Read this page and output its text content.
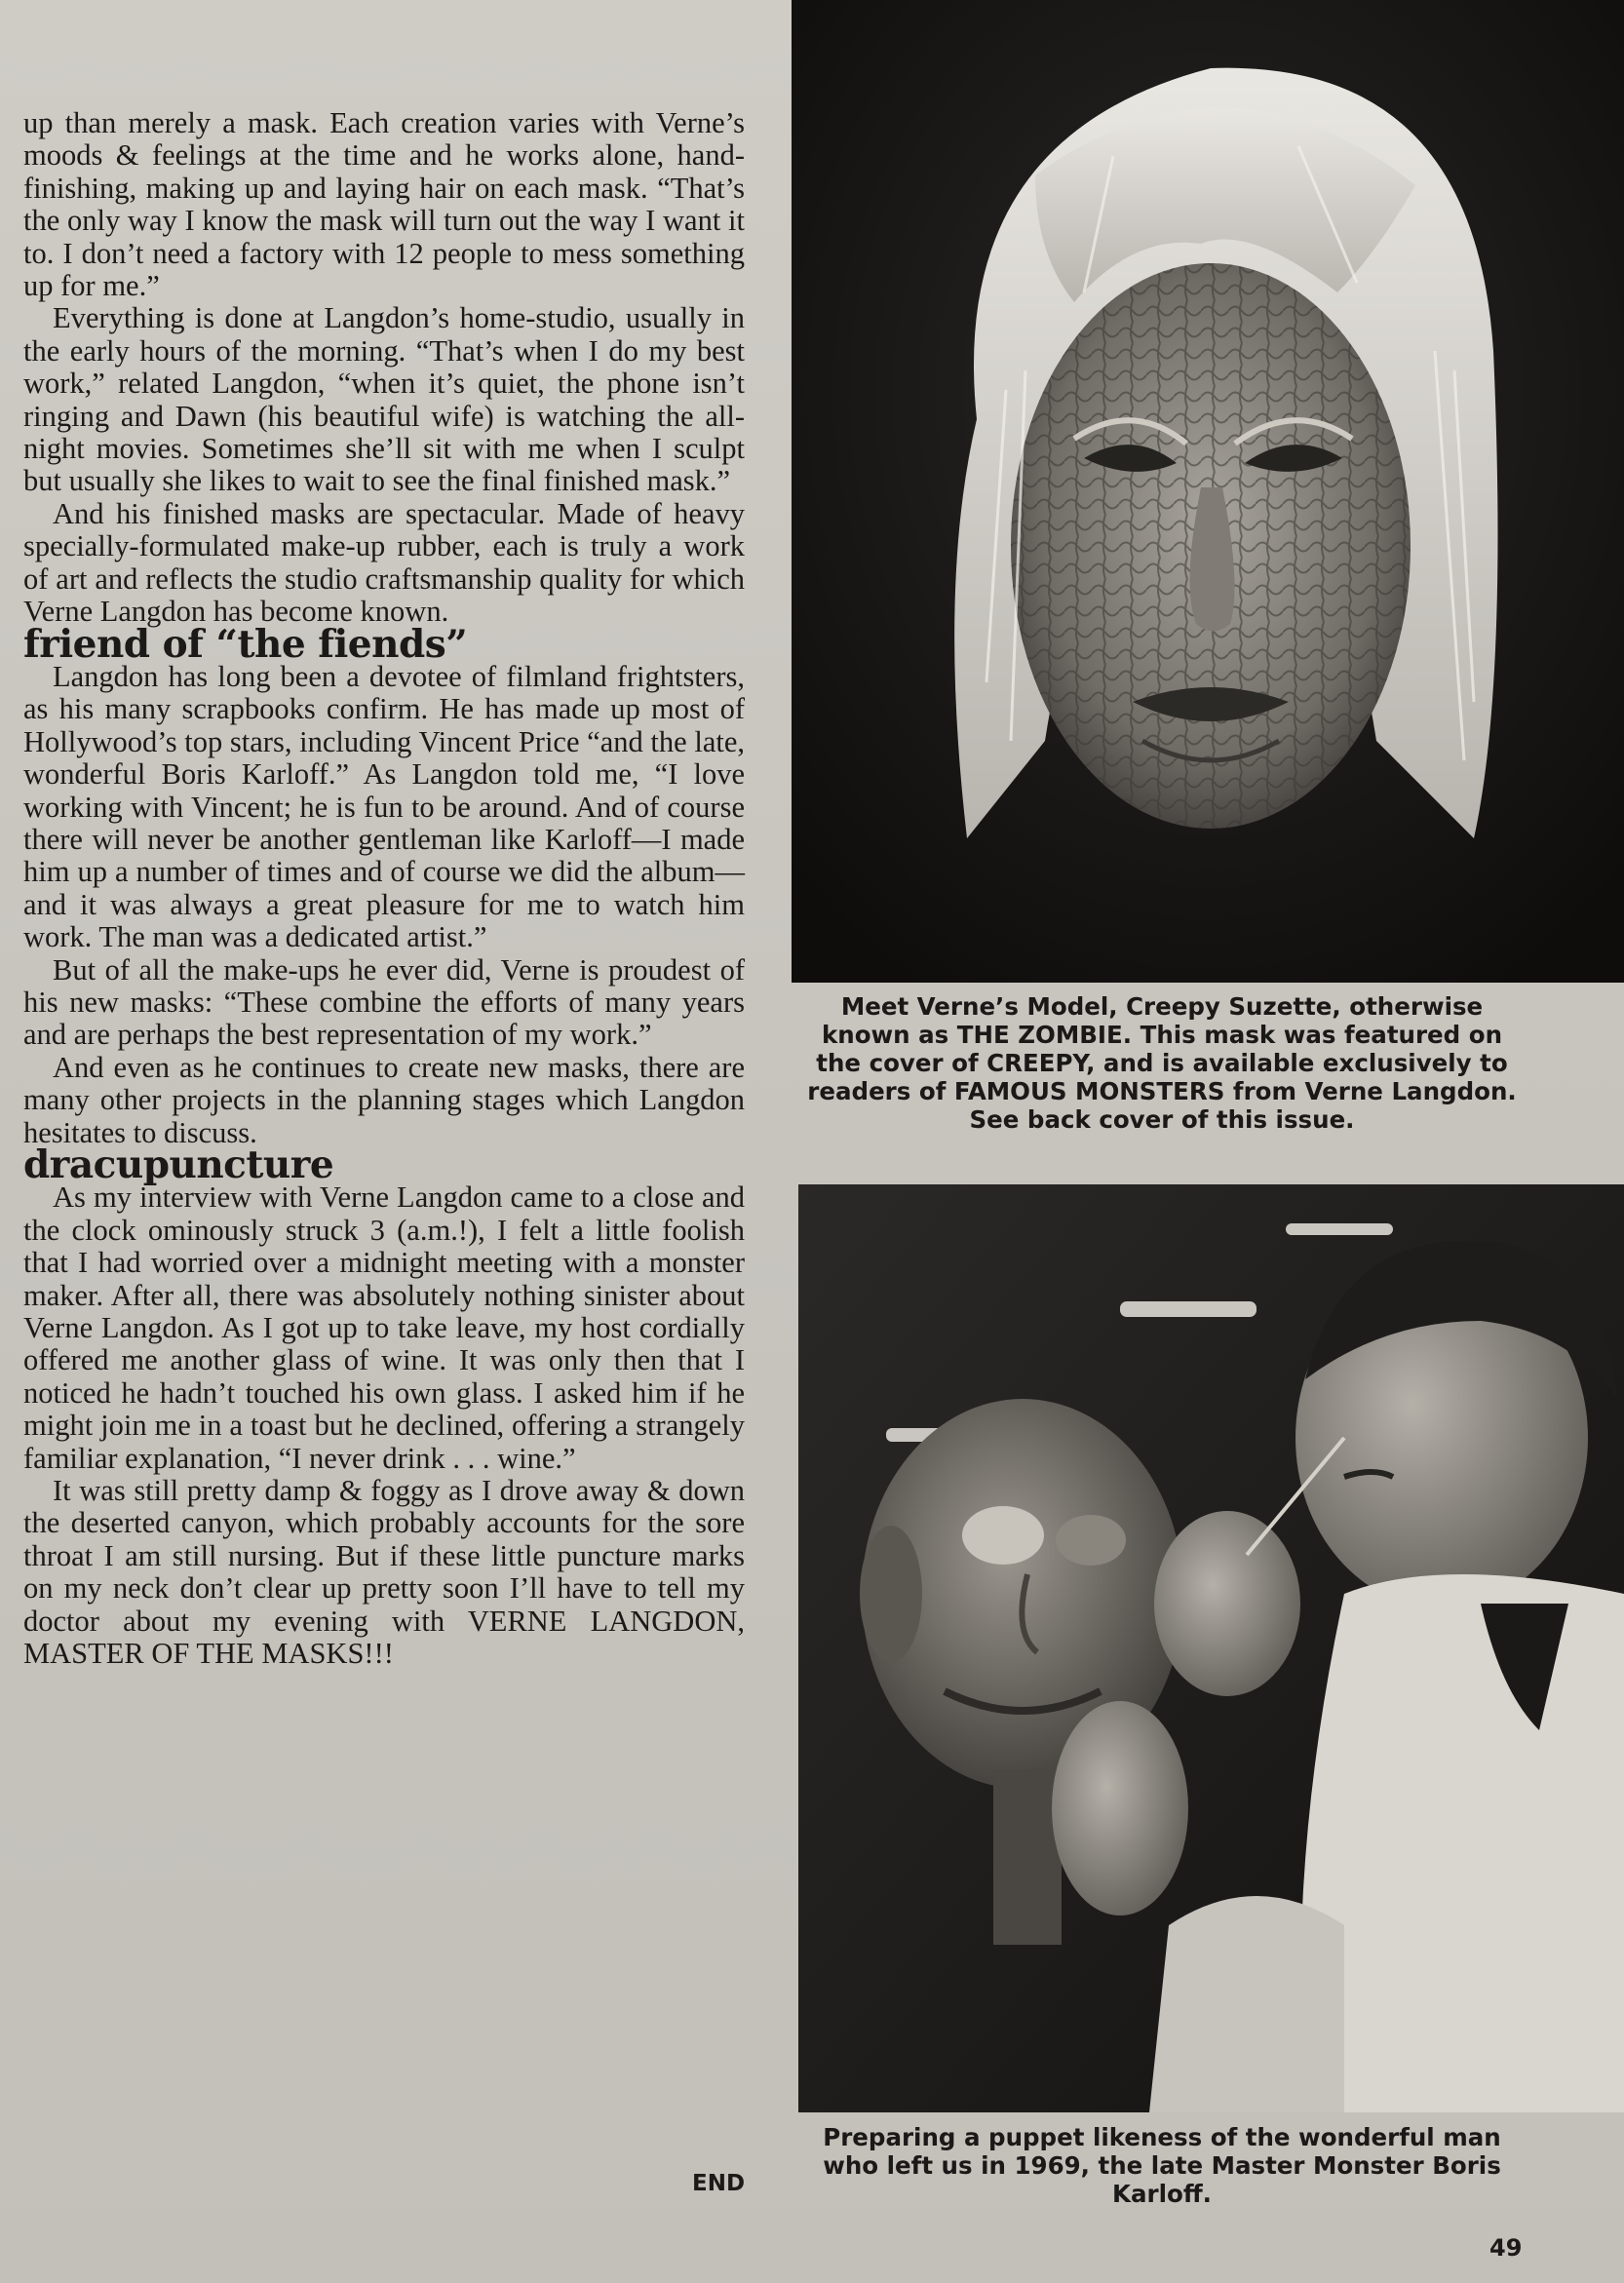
up than merely a mask. Each creation varies with Verne’s moods & feelings at the time and he works alone, hand-finishing, making up and laying hair on each mask. “That’s the only way I know the mask will turn out the way I want it to. I don’t need a factory with 12 people to mess something up for me.”

Everything is done at Langdon’s home-studio, usually in the early hours of the morning. “That’s when I do my best work,” related Langdon, “when it’s quiet, the phone isn’t ringing and Dawn (his beautiful wife) is watching the all-night movies. Sometimes she’ll sit with me when I sculpt but usually she likes to wait to see the final finished mask.”

And his finished masks are spectacular. Made of heavy specially-formulated make-up rubber, each is truly a work of art and reflects the studio craftsmanship quality for which Verne Langdon has become known.

friend of “the fiends”

Langdon has long been a devotee of filmland frightsters, as his many scrapbooks confirm. He has made up most of Hollywood’s top stars, including Vincent Price “and the late, wonderful Boris Karloff.” As Langdon told me, “I love working with Vincent; he is fun to be around. And of course there will never be another gentleman like Karloff—I made him up a number of times and of course we did the album—and it was always a great pleasure for me to watch him work. The man was a dedicated artist.”

But of all the make-ups he ever did, Verne is proudest of his new masks: “These combine the efforts of many years and are perhaps the best representation of my work.”

And even as he continues to create new masks, there are many other projects in the planning stages which Langdon hesitates to discuss.

dracupuncture

As my interview with Verne Langdon came to a close and the clock ominously struck 3 (a.m.!), I felt a little foolish that I had worried over a midnight meeting with a monster maker. After all, there was absolutely nothing sinister about Verne Langdon. As I got up to take leave, my host cordially offered me another glass of wine. It was only then that I noticed he hadn’t touched his own glass. I asked him if he might join me in a toast but he declined, offering a strangely familiar explanation, “I never drink . . . wine.”

It was still pretty damp & foggy as I drove away & down the deserted canyon, which probably accounts for the sore throat I am still nursing. But if these little puncture marks on my neck don’t clear up pretty soon I’ll have to tell my doctor about my evening with VERNE LANGDON, MASTER OF THE MASKS!!!

END
Meet Verne’s Model, Creepy Suzette, otherwise known as THE ZOMBIE. This mask was featured on the cover of CREEPY, and is available exclusively to readers of FAMOUS MONSTERS from Verne Langdon. See back cover of this issue.
Preparing a puppet likeness of the wonderful man who left us in 1969, the late Master Monster Boris Karloff.
49
